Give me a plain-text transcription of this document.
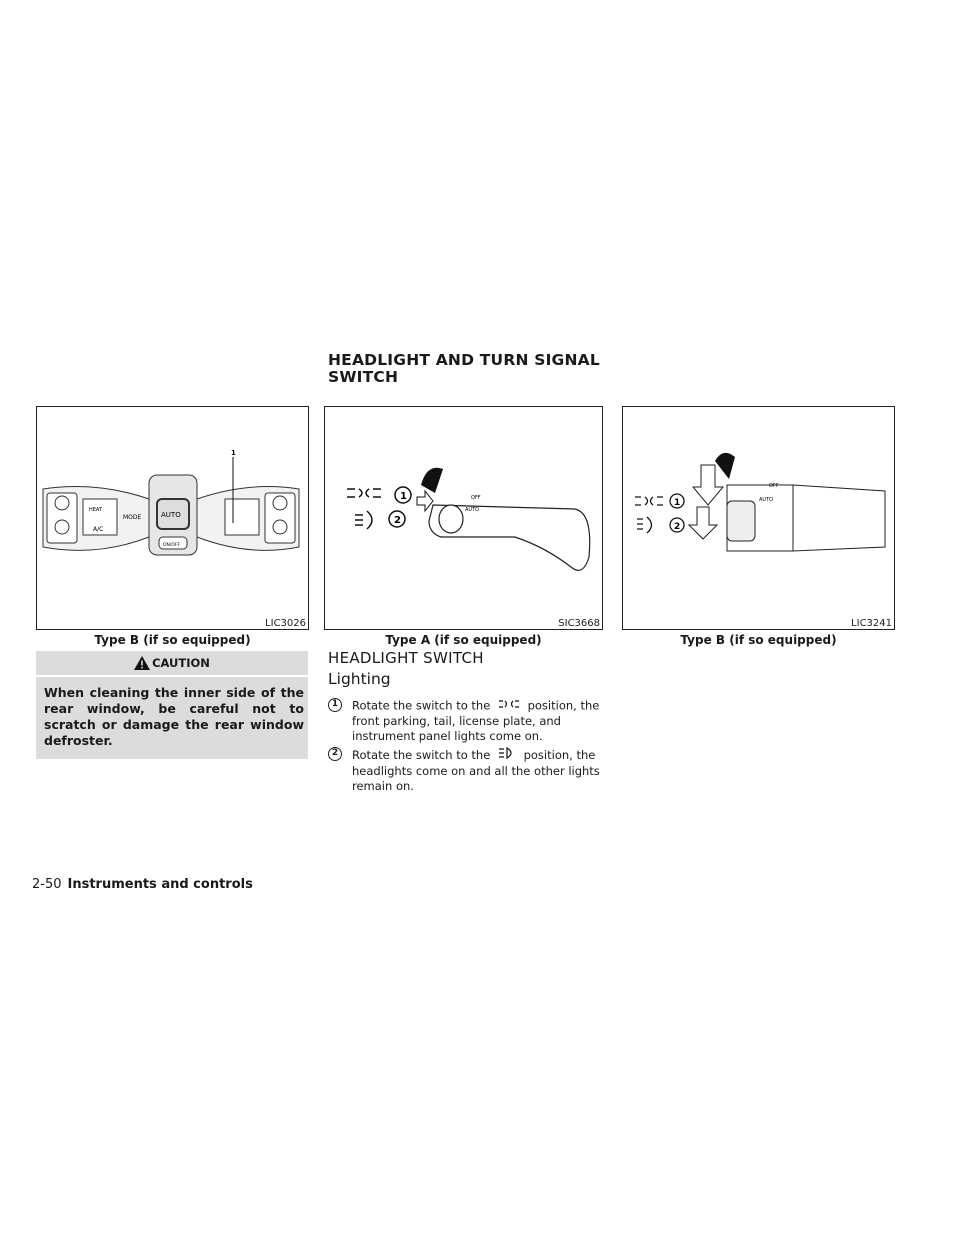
HEADLIGHT AND TURN SIGNAL SWITCH
HEAT
A/C
MODE	AUTO
ON/OFF
1
LIC3026
Type B (if so equipped)
OFF
AUTO
1
2
SIC3668
Type A (if so equipped)
AUTO
OFF
1
2
LIC3241
Type B (if so equipped)
CAUTION
When cleaning the inner side of the rear window, be careful not to scratch or damage the rear window defroster.
HEADLIGHT SWITCH
Lighting
1	Rotate the switch to the	position, the front parking, tail, license plate, and instrument panel lights come on.
2	Rotate the switch to the	position, the headlights come on and all the other lights remain on.
2-50 Instruments and controls
